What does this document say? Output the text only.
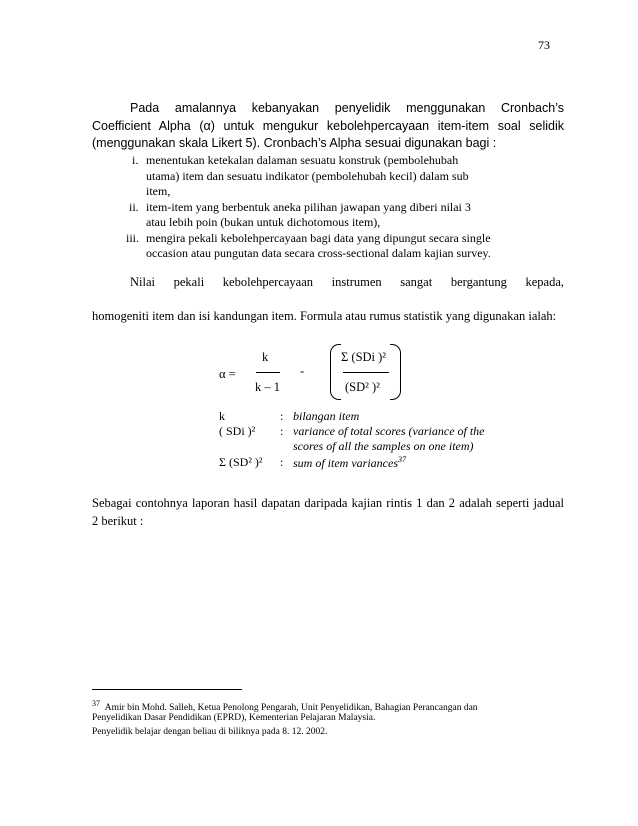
73
Pada amalannya kebanyakan penyelidik menggunakan Cronbach’s
Coefficient Alpha (α) untuk mengukur kebolehpercayaan item-item soal selidik
(menggunakan skala Likert 5). Cronbach’s Alpha sesuai digunakan bagi :
i. menentukan ketekalan dalaman sesuatu konstruk (pembolehubah
utama) item dan sesuatu indikator (pembolehubah kecil) dalam sub
item,
ii. item-item yang berbentuk aneka pilihan jawapan yang diberi nilai 3
atau lebih poin (bukan untuk dichotomous item),
iii. mengira pekali kebolehpercayaan bagi data yang dipungut secara single
occasion atau pungutan data secara cross-sectional dalam kajian survey.
Nilai pekali kebolehpercayaan instrumen sangat bergantung kepada,
homogeniti item dan isi kandungan item. Formula atau rumus statistik yang digunakan ialah:
α =
k
k – 1
-
Σ (SDi )²
(SD² )²
k	: bilangan item
( SDi )² : variance of total scores (variance of the
scores of all the samples on one item)
Σ (SD² )² : sum of item variances$^{37}$
Sebagai contohnya laporan hasil dapatan daripada kajian rintis 1 dan 2 adalah seperti jadual
2 berikut :
$^{37}$ Amir bin Mohd. Salleh, Ketua Penolong Pengarah, Unit Penyelidikan, Bahagian Perancangan dan
Penyelidikan Dasar Pendidikan (EPRD), Kementerian Pelajaran Malaysia.
Penyelidik belajar dengan beliau di biliknya pada 8. 12. 2002.
